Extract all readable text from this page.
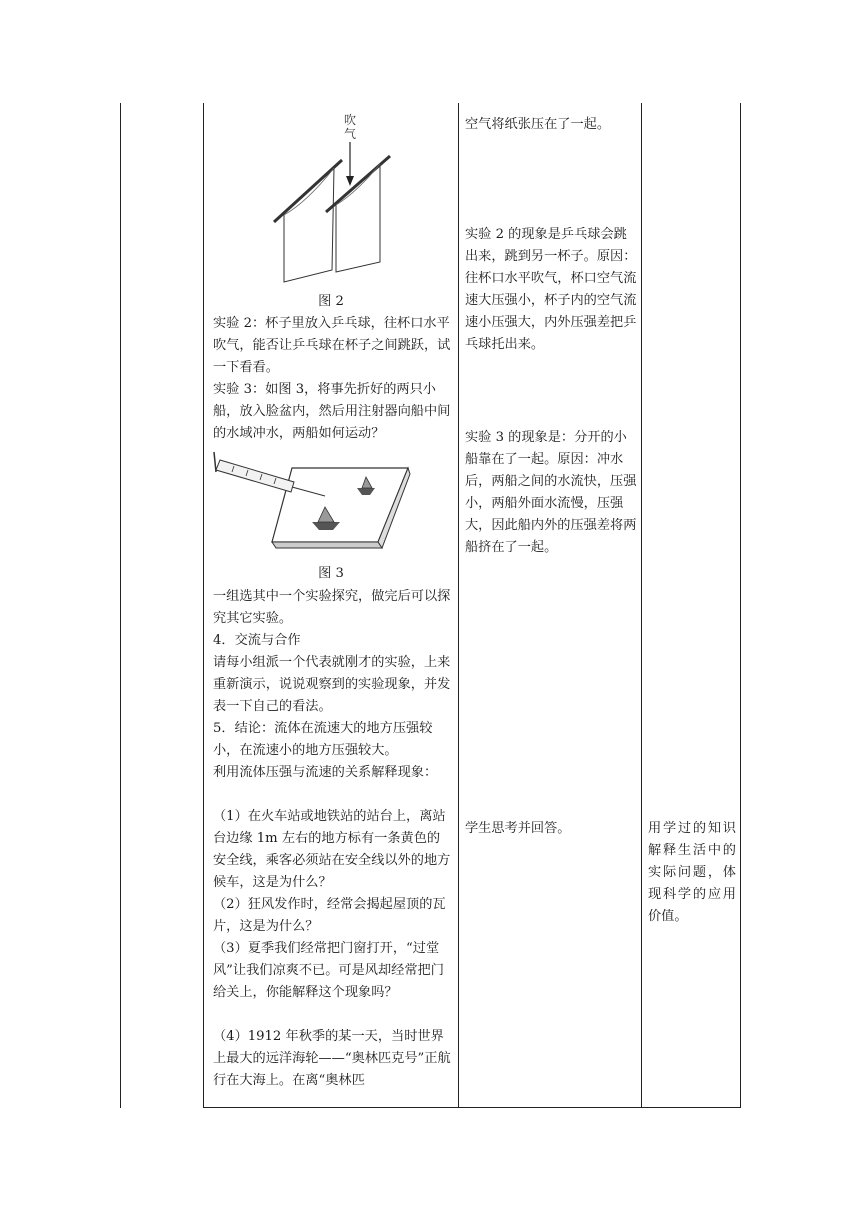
吹
气
图 2
实验 2：杯子里放入乒乓球，往杯口水平吹气，能否让乒乓球在杯子之间跳跃，试一下看看。
实验 3：如图 3，将事先折好的两只小船，放入脸盆内，然后用注射器向船中间的水域冲水，两船如何运动？
图 3
一组选其中一个实验探究，做完后可以探究其它实验。
4．交流与合作
请每小组派一个代表就刚才的实验，上来重新演示，说说观察到的实验现象，并发表一下自己的看法。
5．结论：流体在流速大的地方压强较小，在流速小的地方压强较大。
利用流体压强与流速的关系解释现象：
（1）在火车站或地铁站的站台上，离站台边缘 1m 左右的地方标有一条黄色的安全线，乘客必须站在安全线以外的地方候车，这是为什么？
（2）狂风发作时，经常会揭起屋顶的瓦片，这是为什么？
（3）夏季我们经常把门窗打开，“过堂风”让我们凉爽不已。可是风却经常把门给关上，你能解释这个现象吗？
（4）1912 年秋季的某一天，当时世界上最大的远洋海轮——“奥林匹克号”正航行在大海上。在离“奥林匹
空气将纸张压在了一起。
实验 2 的现象是乒乓球会跳出来，跳到另一杯子。原因：往杯口水平吹气，杯口空气流速大压强小，杯子内的空气流速小压强大，内外压强差把乒乓球托出来。
实验 3 的现象是：分开的小船靠在了一起。原因：冲水后，两船之间的水流快，压强小，两船外面水流慢，压强大，因此船内外的压强差将两船挤在了一起。
学生思考并回答。	用学过的知识解释生活中的实际问题，体现科学的应用价值。
